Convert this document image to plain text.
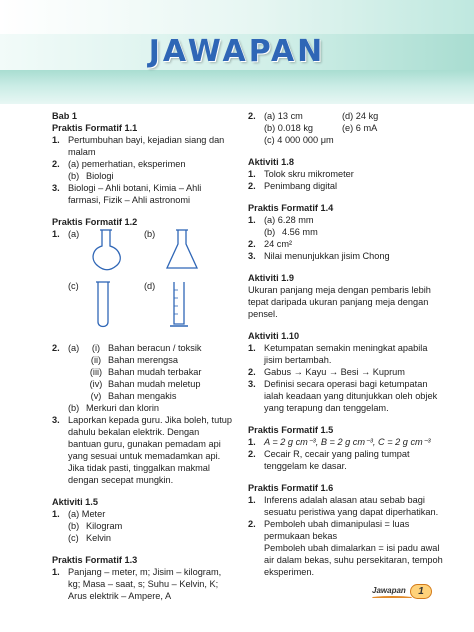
JAWAPAN
Bab 1
Praktis Formatif 1.1
1. Pertumbuhan bayi, kejadian siang dan malam
2. (a) pemerhatian, eksperimen
(b) Biologi
3. Biologi – Ahli botani, Kimia – Ahli farmasi, Fizik – Ahli astronomi
Praktis Formatif 1.2
1. (a)	(b)
(c)	(d)
2. (a)	(i) Bahan beracun / toksik
(ii) Bahan merengsa
(iii) Bahan mudah terbakar
(iv) Bahan mudah meletup
(v) Bahan mengakis
(b) Merkuri dan klorin
3. Laporkan kepada guru. Jika boleh, tutup dahulu bekalan elektrik. Dengan bantuan guru, gunakan pemadam api yang sesuai untuk memadamkan api. Jika tidak pasti, tinggalkan makmal dengan secepat mungkin.
Aktiviti 1.5
1. (a) Meter
(b) Kilogram
(c) Kelvin
Praktis Formatif 1.3
1. Panjang – meter, m; Jisim – kilogram, kg; Masa – saat, s; Suhu – Kelvin, K; Arus elektrik – Ampere, A
2. (a) 13 cm	(d) 24 kg
(b) 0.018 kg	(e) 6 mA
(c) 4 000 000 μm
Aktiviti 1.8
1. Tolok skru mikrometer
2. Penimbang digital
Praktis Formatif 1.4
1. (a) 6.28 mm
(b) 4.56 mm
2. 24 cm²
3. Nilai menunjukkan jisim Chong
Aktiviti 1.9
Ukuran panjang meja dengan pembaris lebih tepat daripada ukuran panjang meja dengan pensel.
Aktiviti 1.10
1. Ketumpatan semakin meningkat apabila jisim bertambah.
2. Gabus → Kayu → Besi → Kuprum
3. Definisi secara operasi bagi ketumpatan ialah keadaan yang ditunjukkan oleh objek yang terapung dan tenggelam.
Praktis Formatif 1.5
1. A = 2 g cm⁻³, B = 2 g cm⁻³, C = 2 g cm⁻³
2. Cecair R, cecair yang paling tumpat tenggelam ke dasar.
Praktis Formatif 1.6
1. Inferens adalah alasan atau sebab bagi sesuatu peristiwa yang dapat diperhatikan.
2. Pemboleh ubah dimanipulasi = luas permukaan bekas
Pemboleh ubah dimalarkan = isi padu awal air dalam bekas, suhu persekitaran, tempoh eksperimen.
Jawapan	1
